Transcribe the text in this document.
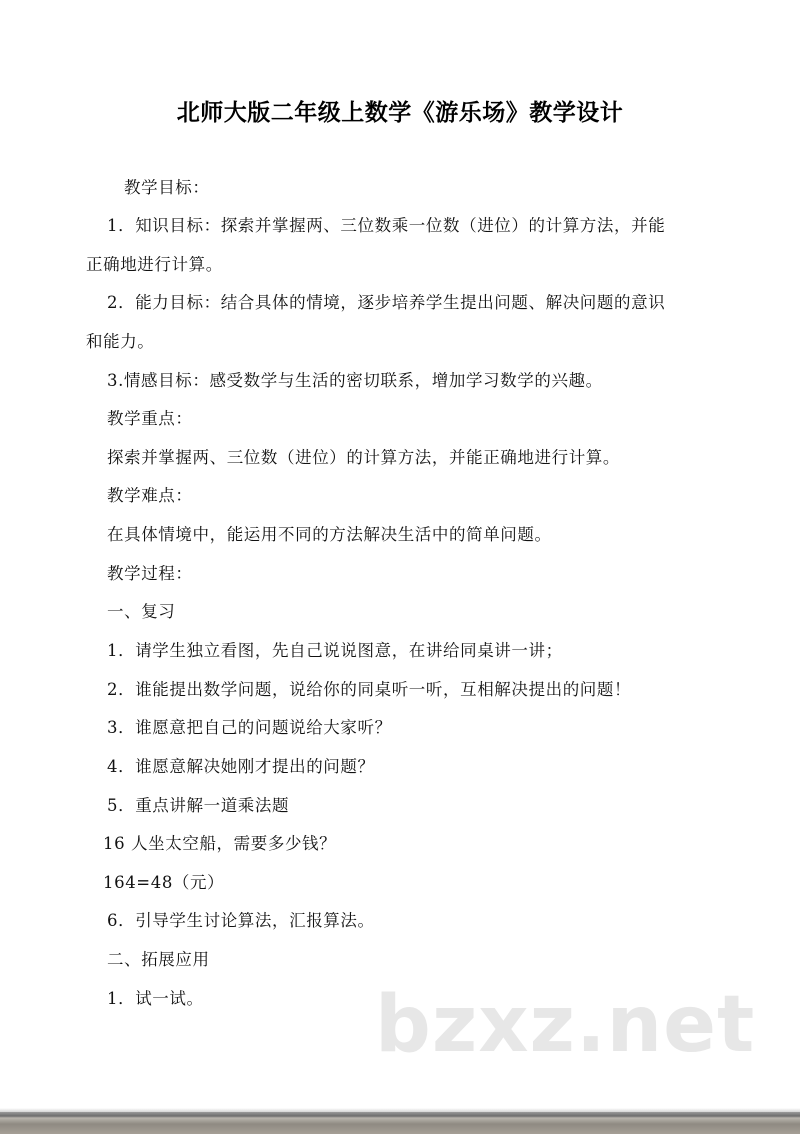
北师大版二年级上数学《游乐场》教学设计
教学目标：
1．知识目标：探索并掌握两、三位数乘一位数（进位）的计算方法，并能
正确地进行计算。
2．能力目标：结合具体的情境，逐步培养学生提出问题、解决问题的意识
和能力。
3.情感目标：感受数学与生活的密切联系，增加学习数学的兴趣。
教学重点：
探索并掌握两、三位数（进位）的计算方法，并能正确地进行计算。
教学难点：
在具体情境中，能运用不同的方法解决生活中的简单问题。
教学过程：
一、复习
1．请学生独立看图，先自己说说图意，在讲给同桌讲一讲；
2．谁能提出数学问题，说给你的同桌听一听，互相解决提出的问题！
3．谁愿意把自己的问题说给大家听？
4．谁愿意解决她刚才提出的问题？
5．重点讲解一道乘法题
16 人坐太空船，需要多少钱？
164=48（元）
6．引导学生讨论算法，汇报算法。
二、拓展应用
1．试一试。 bzxz.net
